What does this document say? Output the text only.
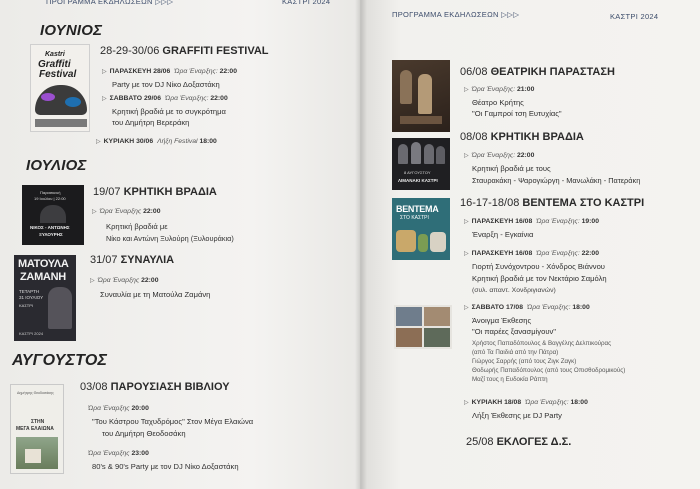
ΠΡΟΓΡΑΜΜΑ ΕΚΔΗΛΩΣΕΩΝ ▷▷▷	ΚΑΣΤΡΙ 2024
ΙΟΥΝΙΟΣ
Kastri
Graffiti
Festival
28-29-30/06 GRAFFITI FESTIVAL
▷ ΠΑΡΑΣΚΕΥΗ 28/06 Ώρα Έναρξης: 22:00
Party με τον DJ Νίκο Δοξαστάκη
▷ ΣΑΒΒΑΤΟ 29/06 Ώρα Έναρξης: 22:00
Κρητική βραδιά με το συγκρότημα
του Δημήτρη Βερεράκη
▷ ΚΥΡΙΑΚΗ 30/06 Λήξη Festival 18:00
ΙΟΥΛΙΟΣ
Παρασκευή
19 Ιουλίου | 22:00
ΝΙΚΟΣ - ΑΝΤΩΝΗΣ
ΞΥΛΟΥΡΗΣ
19/07 ΚΡΗΤΙΚΗ ΒΡΑΔΙΑ
▷ Ώρα Έναρξης 22:00
Κρητική βραδιά με
Νίκο και Αντώνη Ξυλούρη (Ξυλουράκια)
ΜΑΤΟΥΛΑ
ΖΑΜΑΝΗ
ΤΕΤΑΡΤΗ
31 ΙΟΥΛΙΟΥ
ΚΑΣΤΡΙ
ΚΑΣΤΡΙ 2024
31/07 ΣΥΝΑΥΛΙΑ
▷ Ώρα Έναρξης 22:00
Συναυλία με τη Ματούλα Ζαμάνη
ΑΥΓΟΥΣΤΟΣ
Δημήτρης Θεοδοσάκης
ΣΤΗΝ
ΜΕΓΑ ΕΛΑΙΩΝΑ
03/08 ΠΑΡΟΥΣΙΑΣΗ ΒΙΒΛΙΟΥ
Ώρα Έναρξης 20:00
"Του Κάστρου Ταχυδρόμος" Στον Μέγα Ελαιώνα
του Δημήτρη Θεοδοσάκη
Ώρα Έναρξης 23:00
80's & 90's Party με τον DJ Νίκο Δοξαστάκη
ΠΡΟΓΡΑΜΜΑ ΕΚΔΗΛΩΣΕΩΝ ▷▷▷	ΚΑΣΤΡΙ 2024
06/08 ΘΕΑΤΡΙΚΗ ΠΑΡΑΣΤΑΣΗ
▷ Ώρα Έναρξης: 21:00
Θέατρο Κρήτης
"Οι Γαμπροί τση Ευτυχίας"
8 ΑΥΓΟΥΣΤΟΥ
ΛΙΜΑΝΑΚΙ ΚΑΣΤΡΙ
08/08 ΚΡΗΤΙΚΗ ΒΡΑΔΙΑ
▷ Ώρα Έναρξης: 22:00
Κρητική βραδιά με τους
Σταυρακάκη - Ψαρογιώργη - Μανωλάκη - Πατεράκη
ΒΕΝΤΕΜΑ
ΣΤΟ ΚΑΣΤΡΙ
16-17-18/08 ΒΕΝΤΕΜΑ ΣΤΟ ΚΑΣΤΡΙ
▷ ΠΑΡΑΣΚΕΥΗ 16/08 Ώρα Έναρξης: 19:00
Έναρξη - Εγκαίνια
▷ ΠΑΡΑΣΚΕΥΗ 16/08 Ώρα Έναρξης: 22:00
Γιορτή Συνόχοντρου - Χόνδρος Βιάννου
Κρητική βραδιά με τον Νεκτάριο Σαμόλη
(συλ. απαντ. Χονδριγιανών)
▷ ΣΑΒΒΑΤΟ 17/08 Ώρα Έναρξης: 18:00
Άνοιγμα Έκθεσης
"Οι παρέες ξανασμίγουν"
Χρήστος Παπαδόπουλος & Βαγγέλης Δελπικούρας
(από Τα Παιδιά από την Πάτρα)
Γιώργος Σαρρής (από τους Ζιγκ Ζαγκ)
Θοδωρής Παπαδόπουλος (από τους Οπισθοδρομικούς)
Μαζί τους η Ευδοκία Ράπτη
▷ ΚΥΡΙΑΚΗ 18/08 Ώρα Έναρξης: 18:00
Λήξη Έκθεσης με DJ Party
25/08 ΕΚΛΟΓΕΣ Δ.Σ.
